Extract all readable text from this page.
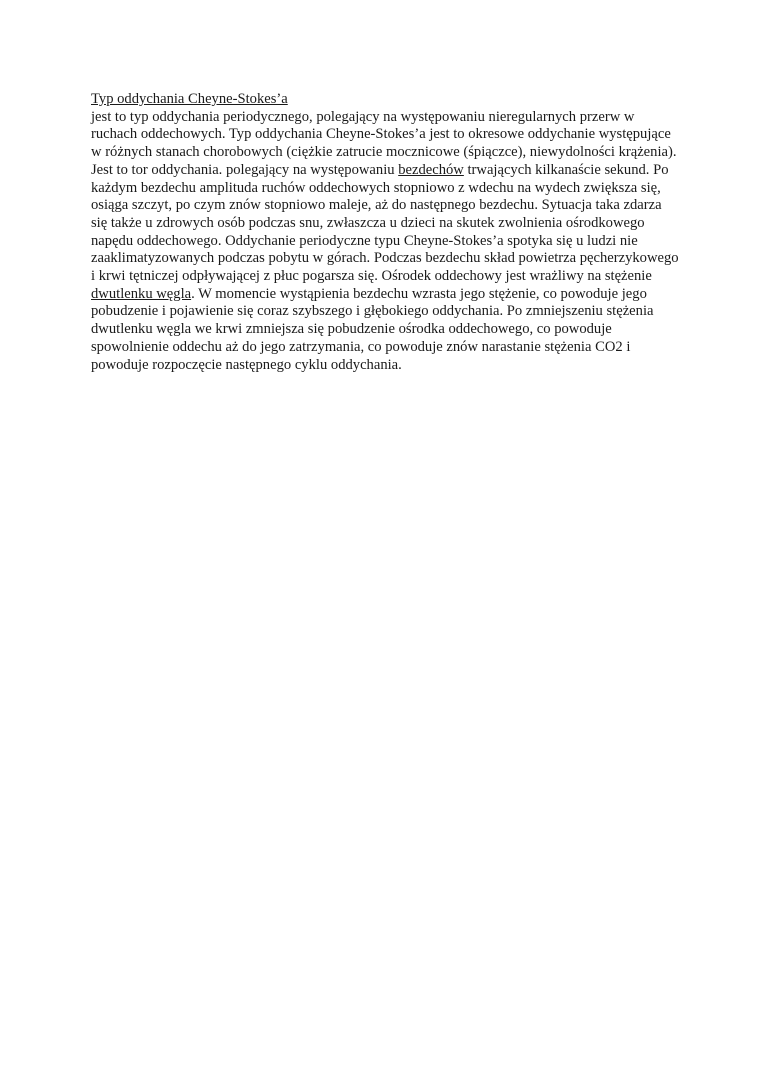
Typ oddychania Cheyne-Stokes’a
jest to typ oddychania periodycznego, polegający na występowaniu nieregularnych przerw w ruchach oddechowych. Typ oddychania Cheyne-Stokes’a jest to okresowe oddychanie występujące w różnych stanach chorobowych (ciężkie zatrucie mocznicowe (śpiączce), niewydolności krążenia). Jest to tor oddychania. polegający na występowaniu bezdechów trwających kilkanaście sekund. Po każdym bezdechu amplituda ruchów oddechowych stopniowo z wdechu na wydech zwiększa się, osiąga szczyt, po czym znów stopniowo maleje, aż do następnego bezdechu. Sytuacja taka zdarza się także u zdrowych osób podczas snu, zwłaszcza u dzieci na skutek zwolnienia ośrodkowego napędu oddechowego. Oddychanie periodyczne typu Cheyne-Stokes’a spotyka się u ludzi nie zaaklimatyzowanych podczas pobytu w górach. Podczas bezdechu skład powietrza pęcherzykowego i krwi tętniczej odpływającej z płuc pogarsza się. Ośrodek oddechowy jest wrażliwy na stężenie dwutlenku węgla. W momencie wystąpienia bezdechu wzrasta jego stężenie, co powoduje jego pobudzenie i pojawienie się coraz szybszego i głębokiego oddychania. Po zmniejszeniu stężenia dwutlenku węgla we krwi zmniejsza się pobudzenie ośrodka oddechowego, co powoduje spowolnienie oddechu aż do jego zatrzymania, co powoduje znów narastanie stężenia CO2 i powoduje rozpoczęcie następnego cyklu oddychania.
